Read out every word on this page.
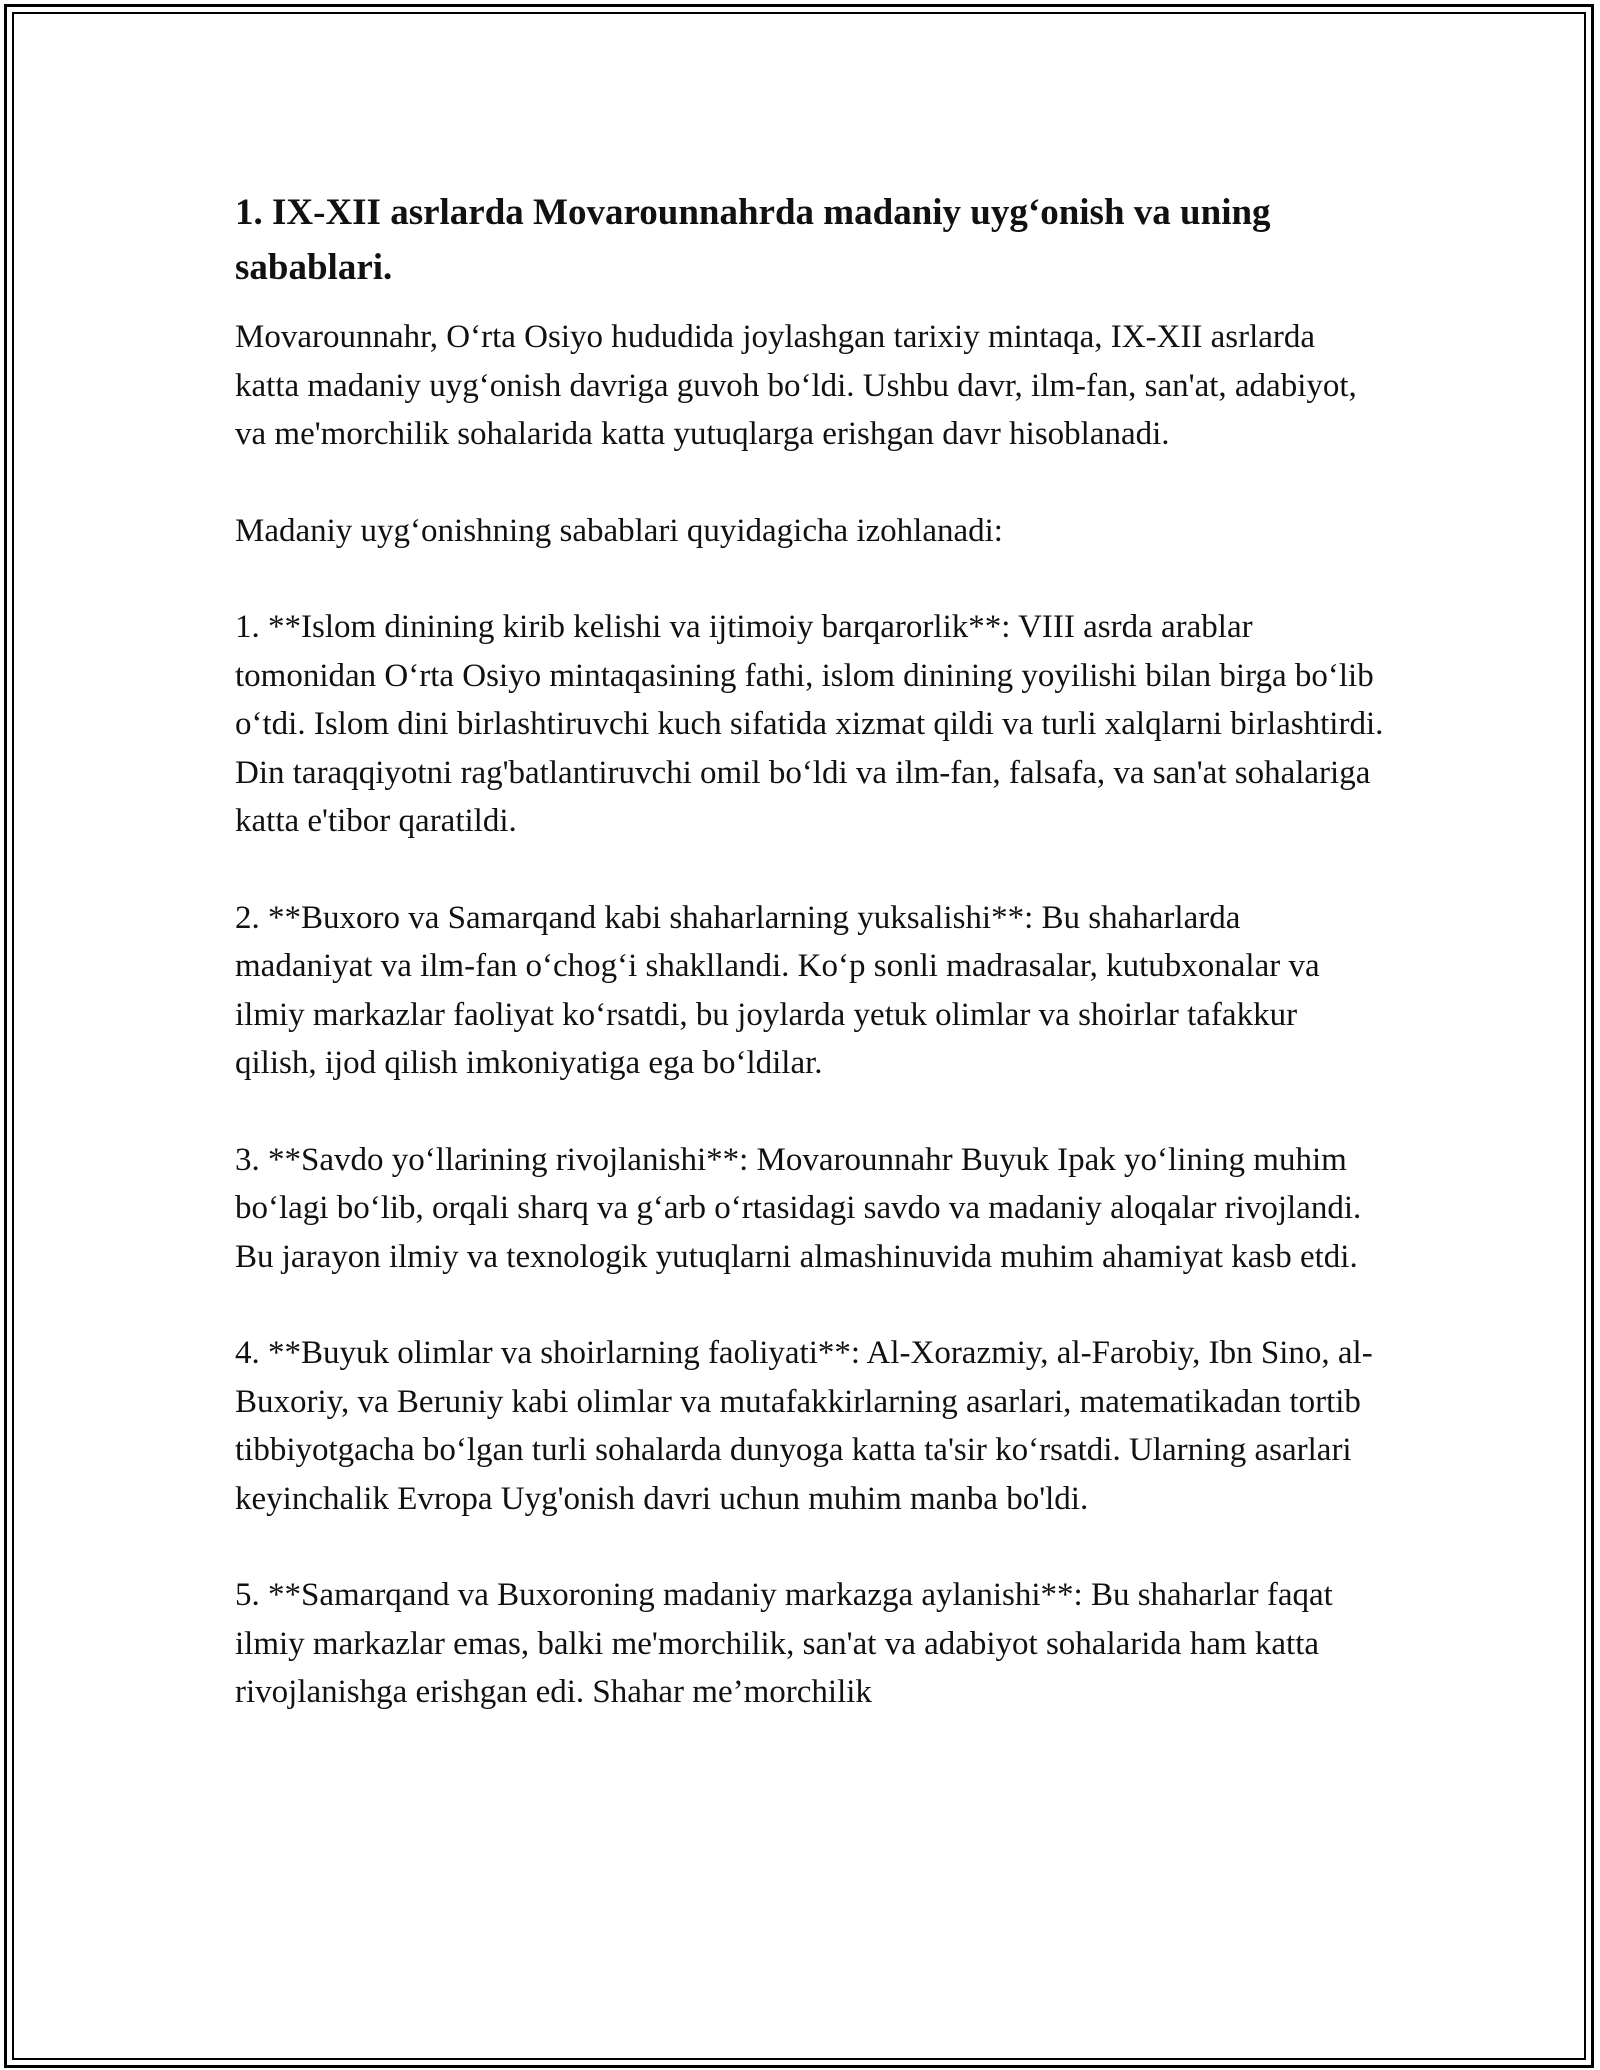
1. IX-XII asrlarda Movarounnahrda madaniy uyg‘onish va uning sabablari.

Movarounnahr, O‘rta Osiyo hududida joylashgan tarixiy mintaqa, IX-XII asrlarda katta madaniy uyg‘onish davriga guvoh bo‘ldi. Ushbu davr, ilm-fan, san'at, adabiyot, va me'morchilik sohalarida katta yutuqlarga erishgan davr hisoblanadi.

Madaniy uyg‘onishning sabablari quyidagicha izohlanadi:

1. **Islom dinining kirib kelishi va ijtimoiy barqarorlik**: VIII asrda arablar tomonidan O‘rta Osiyo mintaqasining fathi, islom dinining yoyilishi bilan birga bo‘lib o‘tdi. Islom dini birlashtiruvchi kuch sifatida xizmat qildi va turli xalqlarni birlashtirdi. Din taraqqiyotni rag'batlantiruvchi omil bo‘ldi va ilm-fan, falsafa, va san'at sohalariga katta e'tibor qaratildi.

2. **Buxoro va Samarqand kabi shaharlarning yuksalishi**: Bu shaharlarda madaniyat va ilm-fan o‘chog‘i shakllandi. Ko‘p sonli madrasalar, kutubxonalar va ilmiy markazlar faoliyat ko‘rsatdi, bu joylarda yetuk olimlar va shoirlar tafakkur qilish, ijod qilish imkoniyatiga ega bo‘ldilar.

3. **Savdo yo‘llarining rivojlanishi**: Movarounnahr Buyuk Ipak yo‘lining muhim bo‘lagi bo‘lib, orqali sharq va g‘arb o‘rtasidagi savdo va madaniy aloqalar rivojlandi. Bu jarayon ilmiy va texnologik yutuqlarni almashinuvida muhim ahamiyat kasb etdi.

4. **Buyuk olimlar va shoirlarning faoliyati**: Al-Xorazmiy, al-Farobiy, Ibn Sino, al-Buxoriy, va Beruniy kabi olimlar va mutafakkirlarning asarlari, matematikadan tortib tibbiyotgacha bo‘lgan turli sohalarda dunyoga katta ta'sir ko‘rsatdi. Ularning asarlari keyinchalik Evropa Uyg'onish davri uchun muhim manba bo'ldi.

5. **Samarqand va Buxoroning madaniy markazga aylanishi**: Bu shaharlar faqat ilmiy markazlar emas, balki me'morchilik, san'at va adabiyot sohalarida ham katta rivojlanishga erishgan edi. Shahar me’morchilik
